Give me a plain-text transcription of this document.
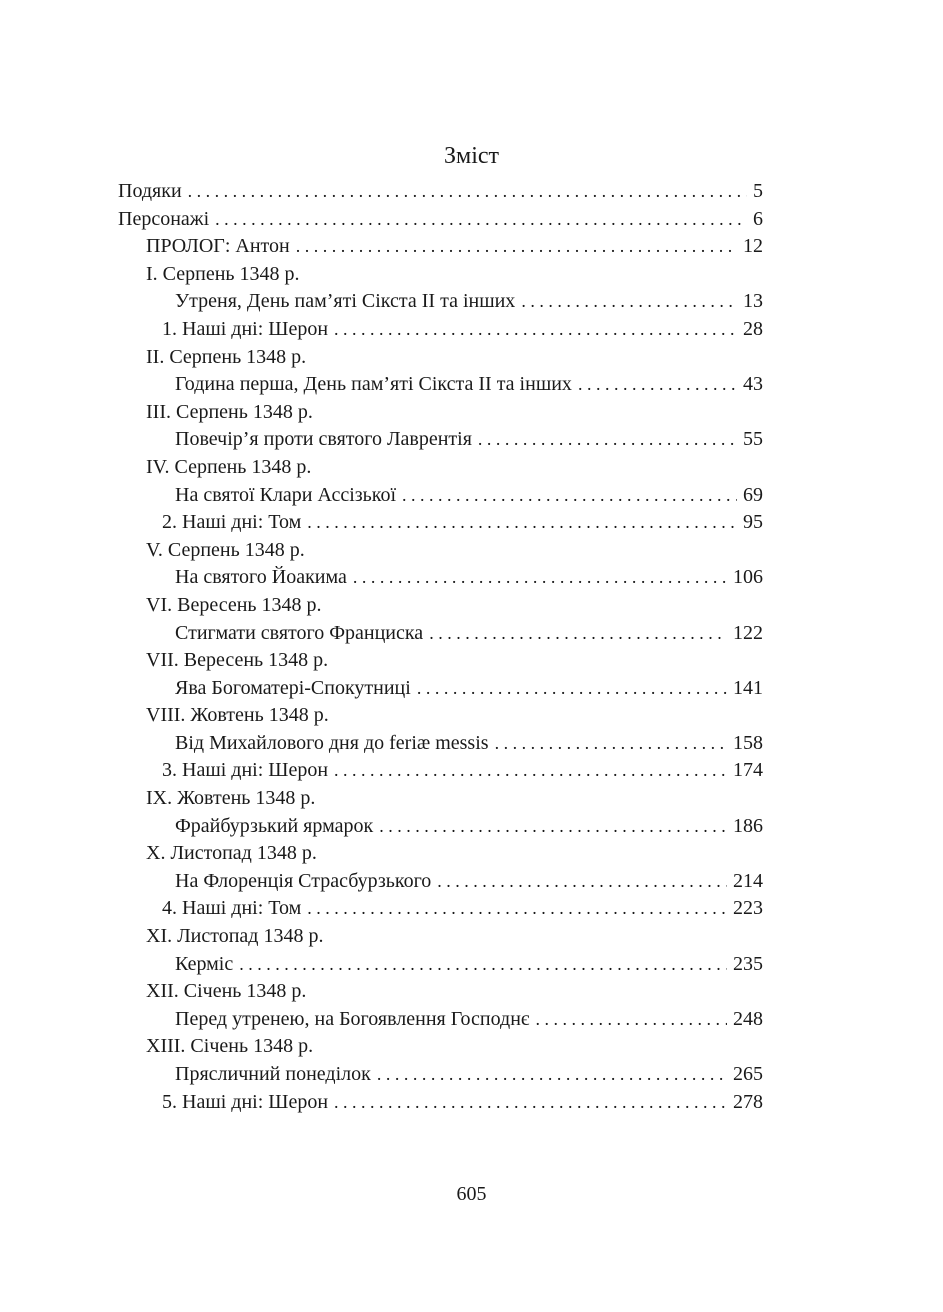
Зміст
Подяки . . .	5
Персонажі . . .	6
ПРОЛОГ: Антон . . .	12
I. Серпень 1348 р.
Утреня, День пам’яті Сікста II та інших . . .	13
1. Наші дні: Шерон . . .	28
II. Серпень 1348 р.
Година перша, День пам’яті Сікста II та інших . . .	43
III. Серпень 1348 р.
Повечір’я проти святого Лаврентія . . .	55
IV. Серпень 1348 р.
На святої Клари Ассізької . . .	69
2. Наші дні: Том . . .	95
V. Серпень 1348 р.
На святого Йоакима . . .	106
VI. Вересень 1348 р.
Стигмати святого Франциска . . .	122
VII. Вересень 1348 р.
Ява Богоматері-Спокутниці . . .	141
VIII. Жовтень 1348 р.
Від Михайлового дня до feriæ messis . . .	158
3. Наші дні: Шерон . . .	174
IX. Жовтень 1348 р.
Фрайбурзький ярмарок . . .	186
X. Листопад 1348 р.
На Флоренція Страсбурзького . . .	214
4. Наші дні: Том . . .	223
XI. Листопад 1348 р.
Керміс . . .	235
XII. Січень 1348 р.
Перед утренею, на Богоявлення Господнє . . .	248
XIII. Січень 1348 р.
Прясличний понеділок . . .	265
5. Наші дні: Шерон . . .	278
605
